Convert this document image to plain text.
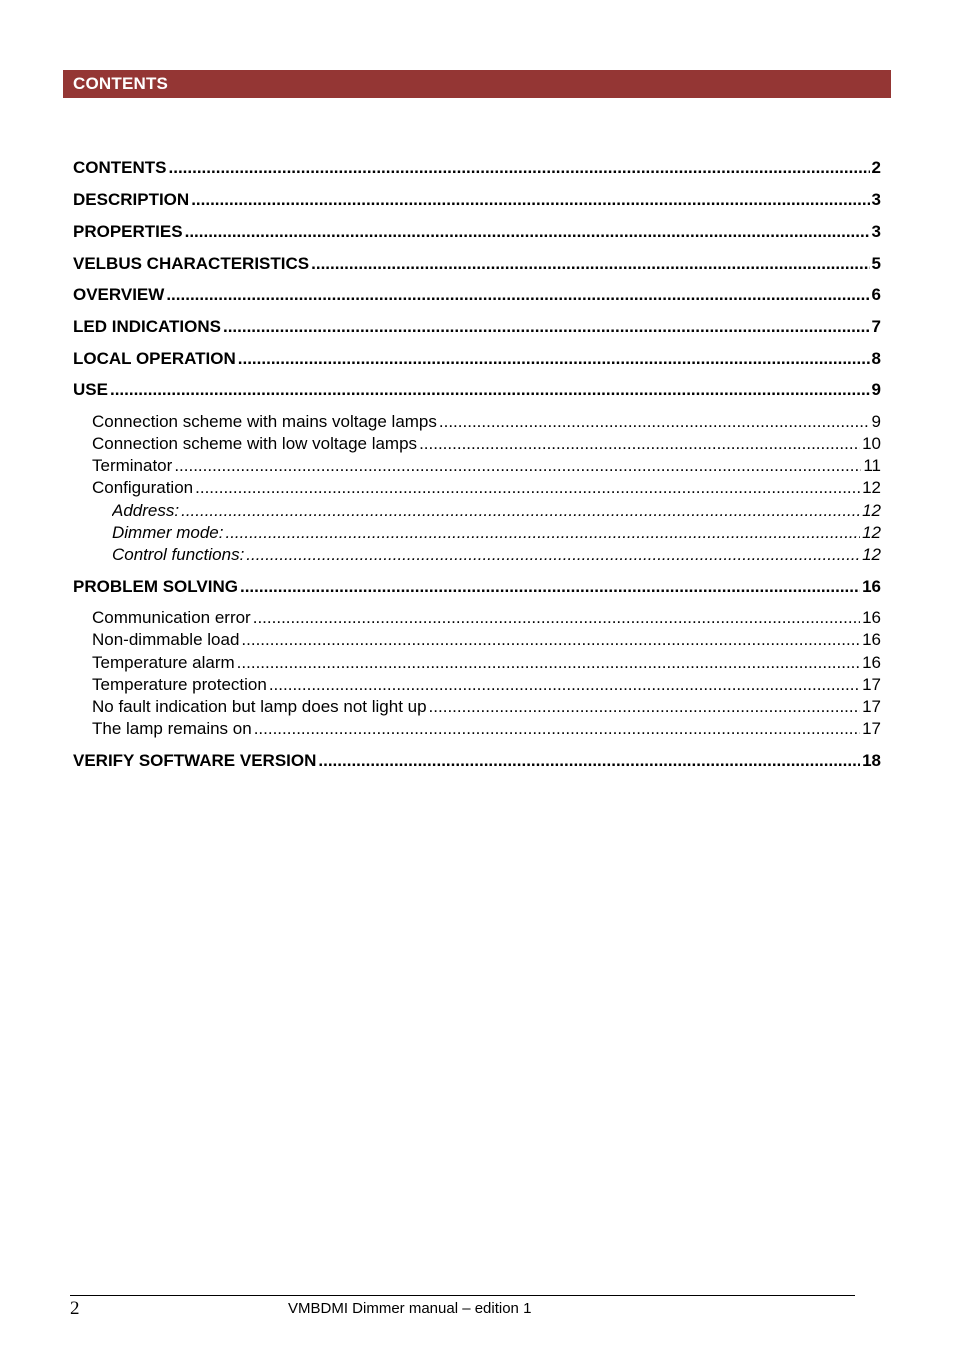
CONTENTS
CONTENTS .....	2
DESCRIPTION .....	3
PROPERTIES .....	3
VELBUS CHARACTERISTICS .....	5
OVERVIEW .....	6
LED INDICATIONS .....	7
LOCAL OPERATION .....	8
USE .....	9
Connection scheme with mains voltage lamps .....	9
Connection scheme with low voltage lamps .....	10
Terminator .....	11
Configuration .....	12
Address: .....	12
Dimmer mode: .....	12
Control functions: .....	12
PROBLEM SOLVING .....	16
Communication error .....	16
Non-dimmable load .....	16
Temperature alarm .....	16
Temperature protection .....	17
No fault indication but lamp does not light up .....	17
The lamp remains on .....	17
VERIFY SOFTWARE VERSION .....	18
2	VMBDMI Dimmer manual – edition 1
